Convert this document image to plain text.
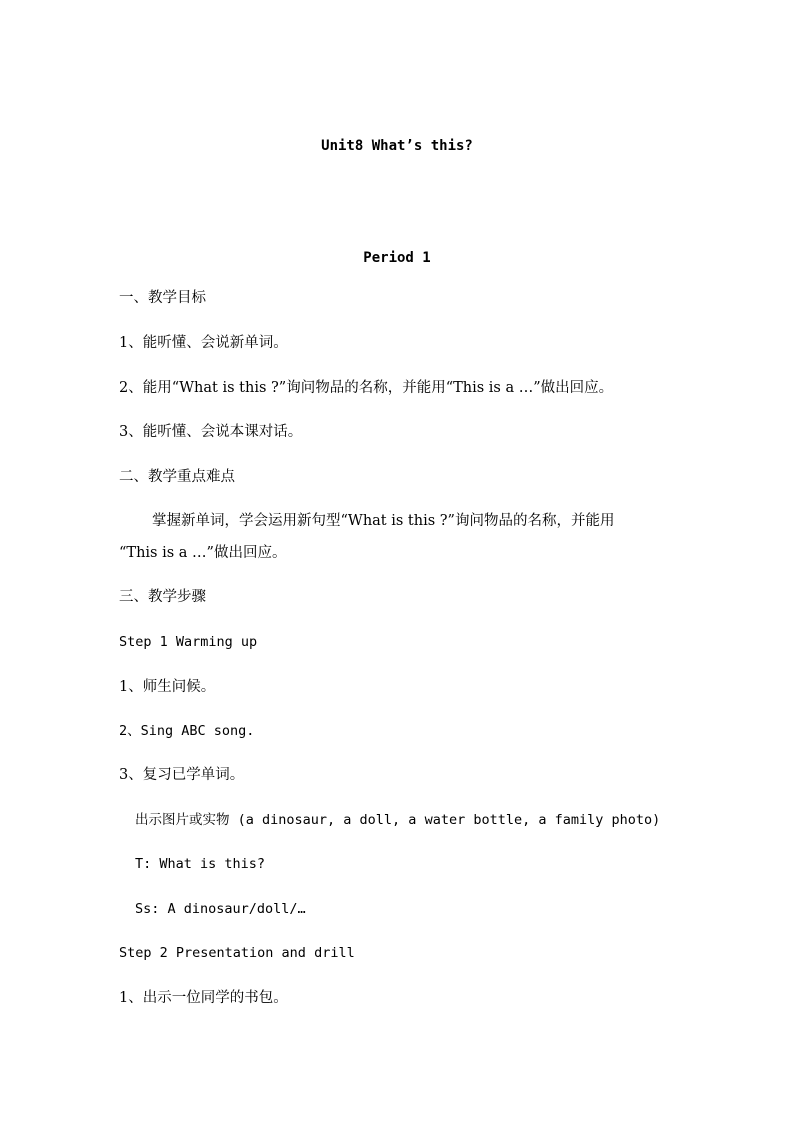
Unit8 What’s this?
Period 1
一、教学目标
1、能听懂、会说新单词。
2、能用“What is this ?”询问物品的名称，并能用“This is a …”做出回应。
3、能听懂、会说本课对话。
二、教学重点难点
掌握新单词，学会运用新句型“What is this ?”询问物品的名称，并能用
“This is a …”做出回应。
三、教学步骤
Step 1 Warming up
1、师生问候。
2、Sing ABC song.
3、复习已学单词。
出示图片或实物 (a dinosaur, a doll, a water bottle, a family photo)
T: What is this?
Ss: A dinosaur/doll/…
Step 2 Presentation and drill
1、出示一位同学的书包。
